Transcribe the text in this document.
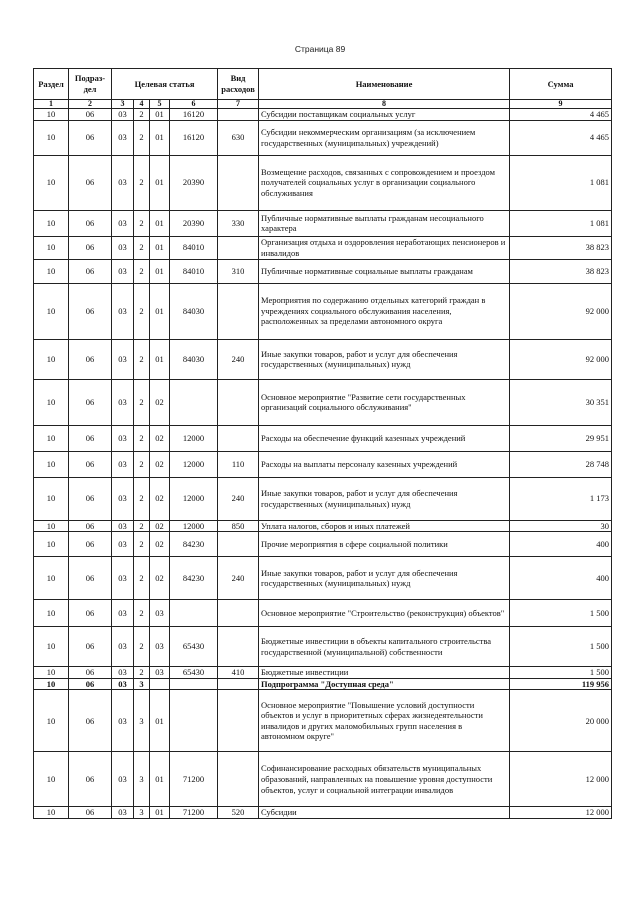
Страница 89
Раздел	Подраз-дел	Целевая статья				Вид расходов	Наименование	Сумма
1	2	3	4	5	6	7	8	9
10	06	03	2	01	16120		Субсидии поставщикам социальных услуг	4 465
10	06	03	2	01	16120	630	Субсидии некоммерческим организациям (за исключением государственных (муниципальных) учреждений)	4 465
10	06	03	2	01	20390		Возмещение расходов, связанных с сопровождением и проездом получателей социальных услуг в организации социального обслуживания	1 081
10	06	03	2	01	20390	330	Публичные нормативные выплаты гражданам несоциального характера	1 081
10	06	03	2	01	84010		Организация отдыха и оздоровления неработающих пенсионеров и инвалидов	38 823
10	06	03	2	01	84010	310	Публичные нормативные социальные выплаты гражданам	38 823
10	06	03	2	01	84030		Мероприятия по содержанию отдельных категорий граждан в учреждениях социального обслуживания населения, расположенных за пределами автономного округа	92 000
10	06	03	2	01	84030	240	Иные закупки товаров, работ и услуг для обеспечения государственных (муниципальных) нужд	92 000
10	06	03	2	02			Основное мероприятие "Развитие сети государственных организаций социального обслуживания"	30 351
10	06	03	2	02	12000		Расходы на обеспечение функций казенных учреждений	29 951
10	06	03	2	02	12000	110	Расходы на выплаты персоналу казенных учреждений	28 748
10	06	03	2	02	12000	240	Иные закупки товаров, работ и услуг для обеспечения государственных (муниципальных) нужд	1 173
10	06	03	2	02	12000	850	Уплата налогов, сборов и иных платежей	30
10	06	03	2	02	84230		Прочие мероприятия в сфере социальной политики	400
10	06	03	2	02	84230	240	Иные закупки товаров, работ и услуг для обеспечения государственных (муниципальных) нужд	400
10	06	03	2	03			Основное мероприятие "Строительство (реконструкция) объектов"	1 500
10	06	03	2	03	65430		Бюджетные инвестиции в объекты капитального строительства государственной (муниципальной) собственности	1 500
10	06	03	2	03	65430	410	Бюджетные инвестиции	1 500
10	06	03	3				Подпрограмма "Доступная среда"	119 956
10	06	03	3	01			Основное мероприятие "Повышение условий доступности объектов и услуг в приоритетных сферах жизнедеятельности инвалидов и других маломобильных групп населения в автономном округе"	20 000
10	06	03	3	01	71200		Софинансирование расходных обязательств муниципальных образований, направленных на повышение уровня доступности объектов, услуг и социальной интеграции инвалидов	12 000
10	06	03	3	01	71200	520	Субсидии	12 000
